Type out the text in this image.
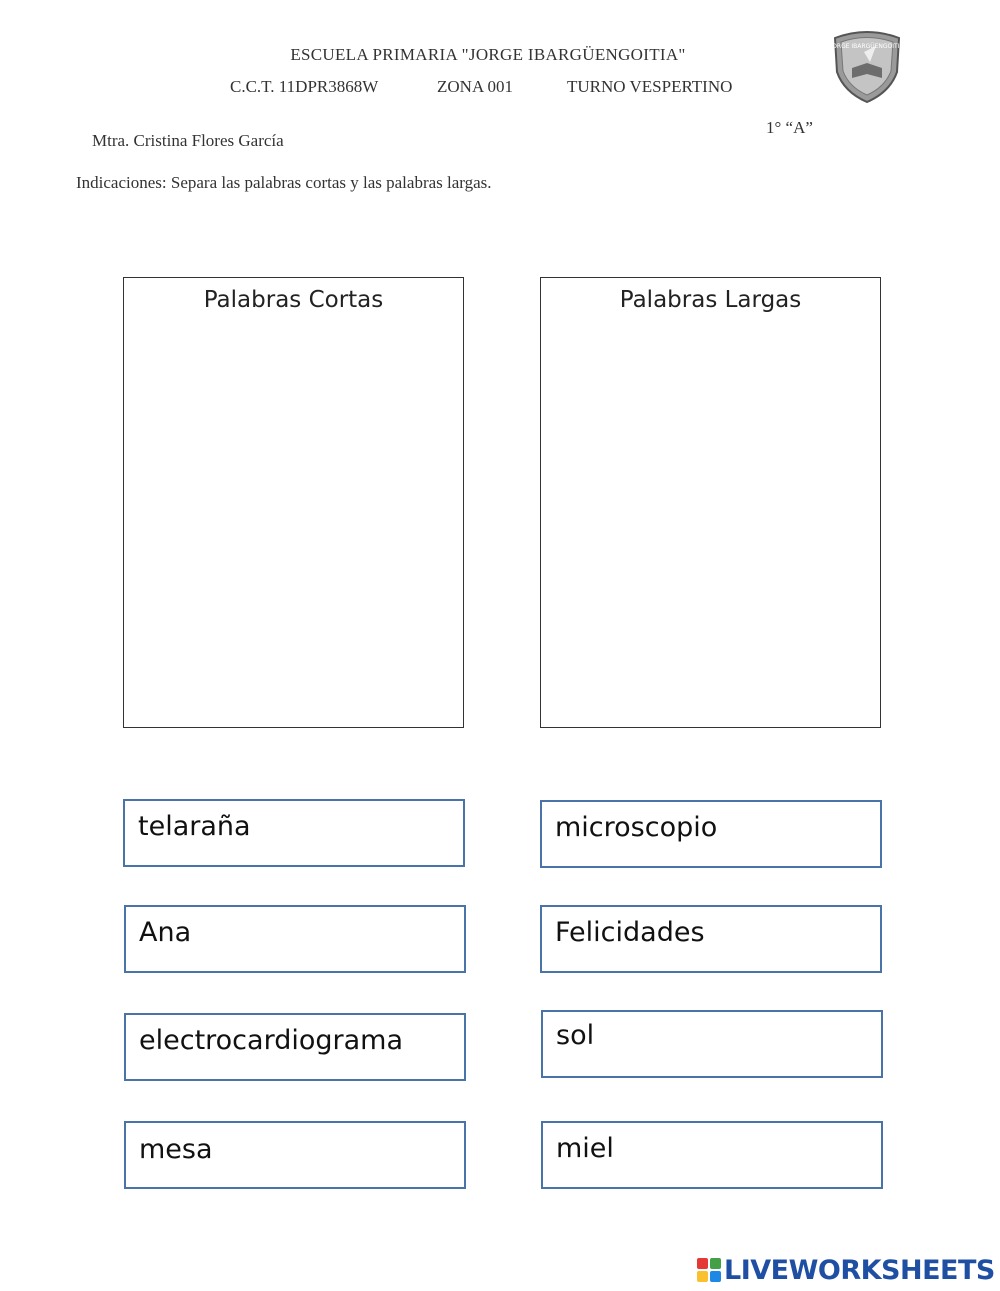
ESCUELA PRIMARIA "JORGE IBARGÜENGOITIA"
C.C.T. 11DPR3868W	ZONA 001	TURNO VESPERTINO
1° “A”
Mtra. Cristina Flores García
Indicaciones: Separa las palabras cortas y las palabras largas.
JORGE IBARGÜENGOITIA
Palabras Cortas	Palabras Largas
telaraña	microscopio
Ana	Felicidades
electrocardiograma	sol
mesa	miel
LIVEWORKSHEETS
